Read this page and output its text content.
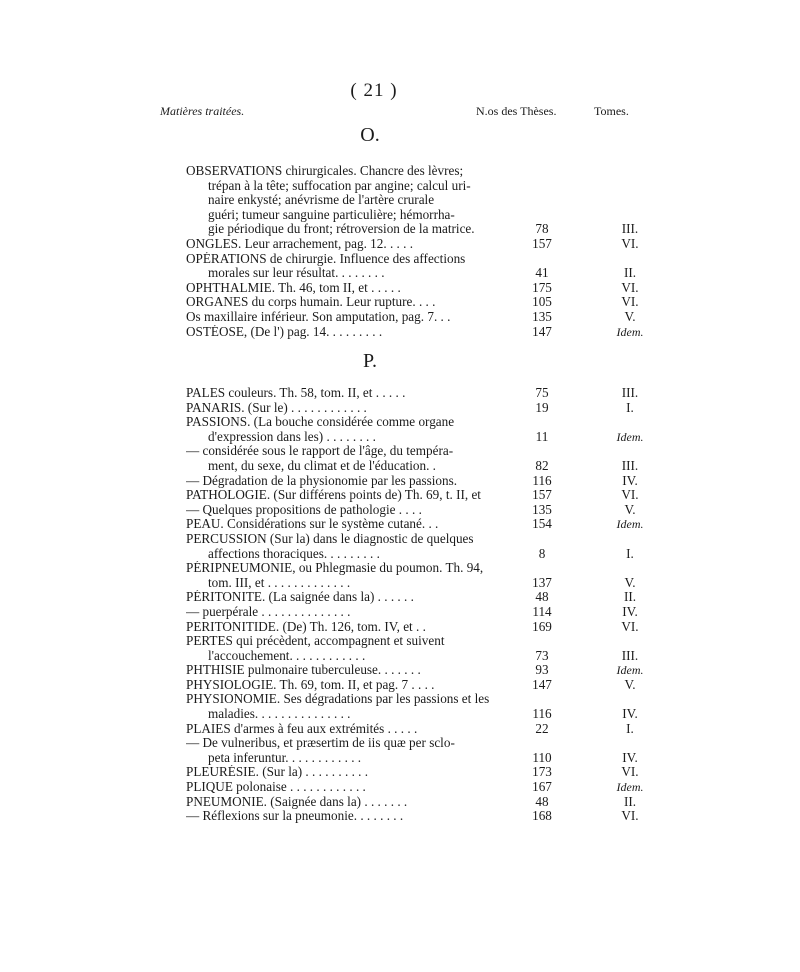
( 21 )
Matières traitées.	N.os des Thèses.	Tomes.
O.
OBSERVATIONS chirurgicales. Chancre des lèvres;
trépan à la tête; suffocation par angine; calcul uri-
naire enkysté; anévrisme de l'artère crurale
guéri; tumeur sanguine particulière; hémorrha-
gie périodique du front; rétroversion de la matrice.	78	III.
ONGLES. Leur arrachement, pag. 12. . . . .	157	VI.
OPÉRATIONS de chirurgie. Influence des affections
morales sur leur résultat. . . . . . . .	41	II.
OPHTHALMIE. Th. 46, tom II, et . . . . .	175	VI.
ORGANES du corps humain. Leur rupture. . . .	105	VI.
Os maxillaire inférieur. Son amputation, pag. 7. . .	135	V.
OSTÉOSE, (De l') pag. 14. . . . . . . . .	147	Idem.
P.
PALES couleurs. Th. 58, tom. II, et . . . . .	75	III.
PANARIS. (Sur le) . . . . . . . . . . . .	19	I.
PASSIONS. (La bouche considérée comme organe
d'expression dans les) . . . . . . . .	11	Idem.
— considérée sous le rapport de l'âge, du tempéra-
ment, du sexe, du climat et de l'éducation. .	82	III.
— Dégradation de la physionomie par les passions.	116	IV.
PATHOLOGIE. (Sur différens points de) Th. 69, t. II, et	157	VI.
— Quelques propositions de pathologie . . . .	135	V.
PEAU. Considérations sur le système cutané. . .	154	Idem.
PERCUSSION (Sur la) dans le diagnostic de quelques
affections thoraciques. . . . . . . . .	8	I.
PÉRIPNEUMONIE, ou Phlegmasie du poumon. Th. 94,
tom. III, et . . . . . . . . . . . . .	137	V.
PÉRITONITE. (La saignée dans la) . . . . . .	48	II.
— puerpérale . . . . . . . . . . . . . .	114	IV.
PERITONITIDE. (De) Th. 126, tom. IV, et . .	169	VI.
PERTES qui précèdent, accompagnent et suivent
l'accouchement. . . . . . . . . . . .	73	III.
PHTHISIE pulmonaire tuberculeuse. . . . . . .	93	Idem.
PHYSIOLOGIE. Th. 69, tom. II, et pag. 7 . . . .	147	V.
PHYSIONOMIE. Ses dégradations par les passions et les
maladies. . . . . . . . . . . . . . .	116	IV.
PLAIES d'armes à feu aux extrémités . . . . .	22	I.
— De vulneribus, et præsertim de iis quæ per sclo-
peta inferuntur. . . . . . . . . . . .	110	IV.
PLEURÉSIE. (Sur la) . . . . . . . . . .	173	VI.
PLIQUE polonaise . . . . . . . . . . . .	167	Idem.
PNEUMONIE. (Saignée dans la) . . . . . . .	48	II.
— Réflexions sur la pneumonie. . . . . . . .	168	VI.
